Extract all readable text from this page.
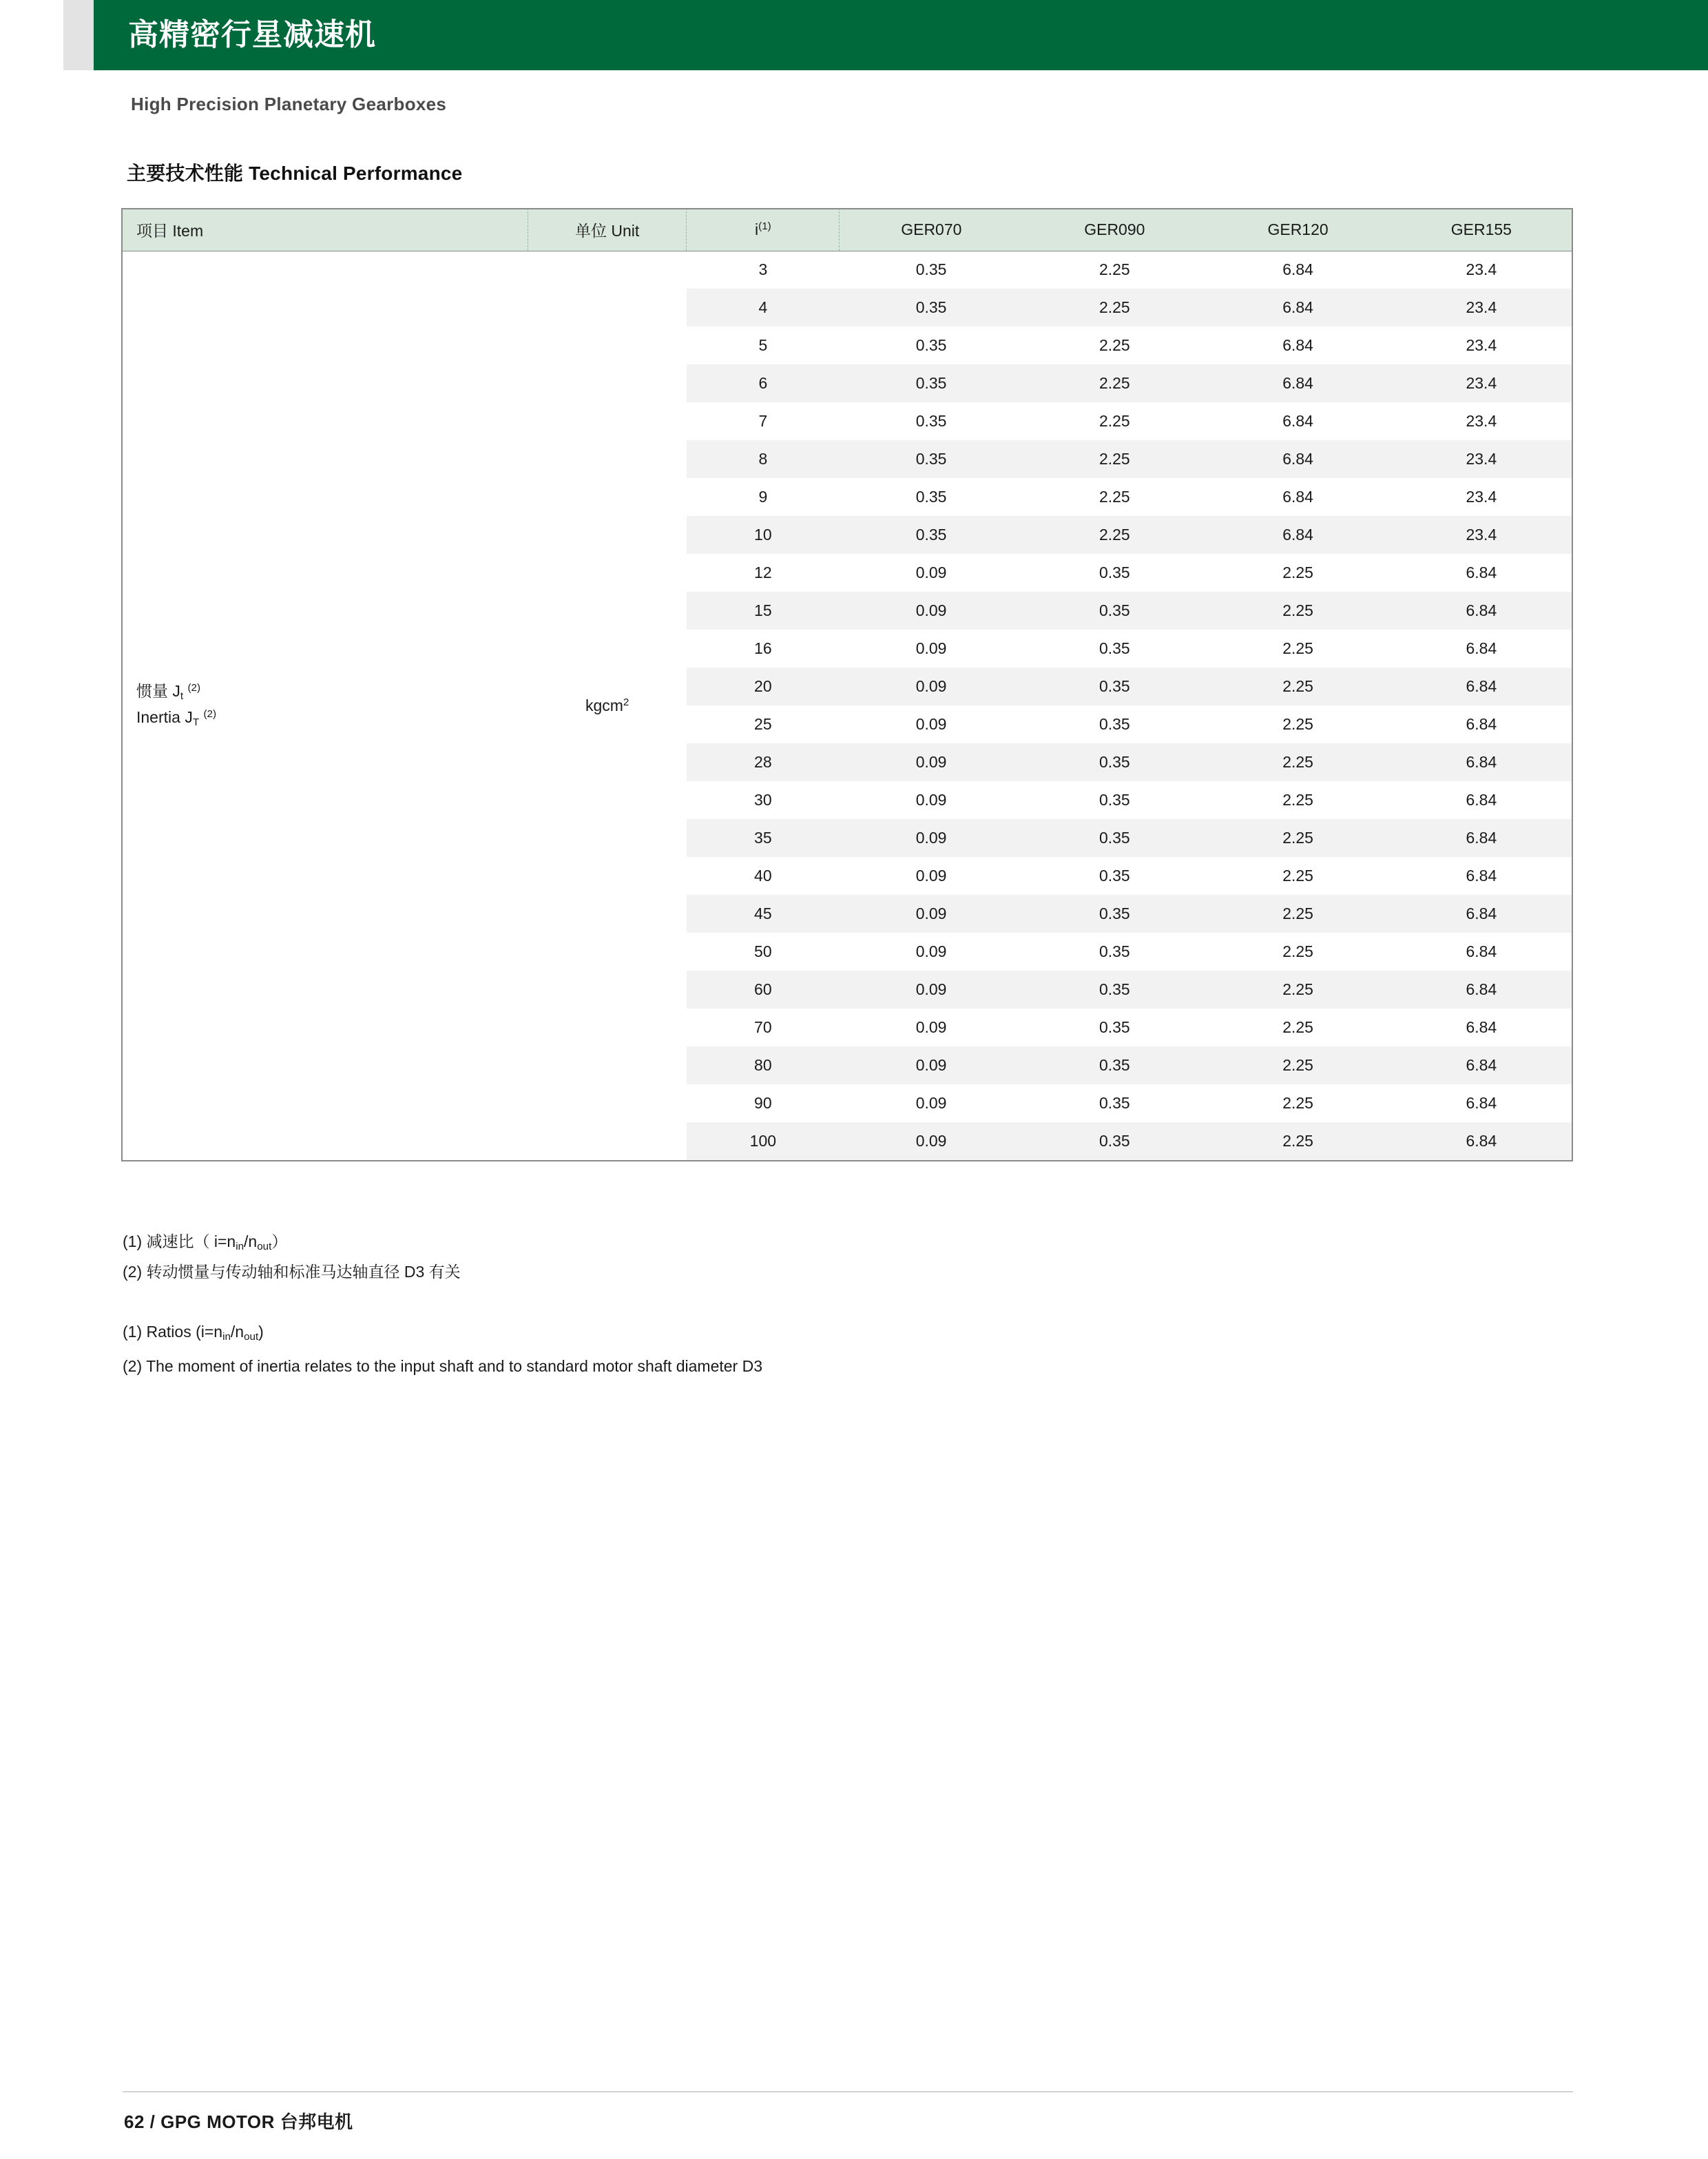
高精密行星减速机
High Precision Planetary Gearboxes
主要技术性能 Technical Performance
项目 Item	单位 Unit	$i^{(1)}$	GER070	GER090	GER120	GER155

惯量 $J_t$ $^{(2)}$
Inertia $J_T$ $^{(2)}$	kgcm$^2$	3	0.35	2.25	6.84	23.4
		4	0.35	2.25	6.84	23.4
		5	0.35	2.25	6.84	23.4
		6	0.35	2.25	6.84	23.4
		7	0.35	2.25	6.84	23.4
		8	0.35	2.25	6.84	23.4
		9	0.35	2.25	6.84	23.4
		10	0.35	2.25	6.84	23.4
		12	0.09	0.35	2.25	6.84
		15	0.09	0.35	2.25	6.84
		16	0.09	0.35	2.25	6.84
		20	0.09	0.35	2.25	6.84
		25	0.09	0.35	2.25	6.84
		28	0.09	0.35	2.25	6.84
		30	0.09	0.35	2.25	6.84
		35	0.09	0.35	2.25	6.84
		40	0.09	0.35	2.25	6.84
		45	0.09	0.35	2.25	6.84
		50	0.09	0.35	2.25	6.84
		60	0.09	0.35	2.25	6.84
		70	0.09	0.35	2.25	6.84
		80	0.09	0.35	2.25	6.84
		90	0.09	0.35	2.25	6.84
		100	0.09	0.35	2.25	6.84
(1) 减速比（ $i=n_{in}/n_{out}$）
(2) 转动惯量与传动轴和标准马达轴直径 D3 有关
(1) Ratios $(i=n_{in}/n_{out})$
(2) The moment of inertia relates to the input shaft and to standard motor shaft diameter D3
62 / GPG MOTOR 台邦电机
